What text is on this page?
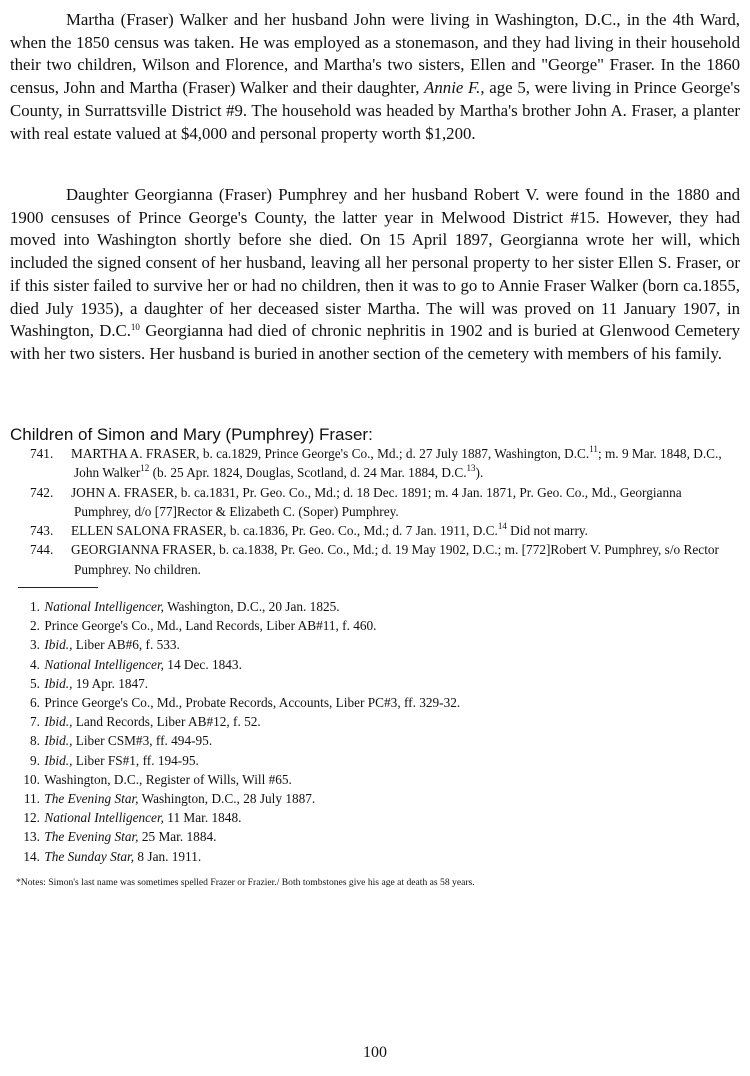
Martha (Fraser) Walker and her husband John were living in Washington, D.C., in the 4th Ward, when the 1850 census was taken. He was employed as a stonemason, and they had living in their household their two children, Wilson and Florence, and Martha's two sisters, Ellen and "George" Fraser. In the 1860 census, John and Martha (Fraser) Walker and their daughter, Annie F., age 5, were living in Prince George's County, in Surrattsville District #9. The household was headed by Martha's brother John A. Fraser, a planter with real estate valued at $4,000 and personal property worth $1,200.

Daughter Georgianna (Fraser) Pumphrey and her husband Robert V. were found in the 1880 and 1900 censuses of Prince George's County, the latter year in Melwood District #15. However, they had moved into Washington shortly before she died. On 15 April 1897, Georgianna wrote her will, which included the signed consent of her husband, leaving all her personal property to her sister Ellen S. Fraser, or if this sister failed to survive her or had no children, then it was to go to Annie Fraser Walker (born ca.1855, died July 1935), a daughter of her deceased sister Martha. The will was proved on 11 January 1907, in Washington, D.C.$^{10}$ Georgianna had died of chronic nephritis in 1902 and is buried at Glenwood Cemetery with her two sisters. Her husband is buried in another section of the cemetery with members of his family.

Children of Simon and Mary (Pumphrey) Fraser:

741. MARTHA A. FRASER, b. ca.1829, Prince George's Co., Md.; d. 27 July 1887, Washington, D.C.$^{11}$; m. 9 Mar. 1848, D.C., John Walker$^{12}$ (b. 25 Apr. 1824, Douglas, Scotland, d. 24 Mar. 1884, D.C.$^{13}$).
742. JOHN A. FRASER, b. ca.1831, Pr. Geo. Co., Md.; d. 18 Dec. 1891; m. 4 Jan. 1871, Pr. Geo. Co., Md., Georgianna Pumphrey, d/o [77]Rector & Elizabeth C. (Soper) Pumphrey.
743. ELLEN SALONA FRASER, b. ca.1836, Pr. Geo. Co., Md.; d. 7 Jan. 1911, D.C.$^{14}$ Did not marry.
744. GEORGIANNA FRASER, b. ca.1838, Pr. Geo. Co., Md.; d. 19 May 1902, D.C.; m. [772]Robert V. Pumphrey, s/o Rector Pumphrey. No children.
1. National Intelligencer, Washington, D.C., 20 Jan. 1825.
2. Prince George's Co., Md., Land Records, Liber AB#11, f. 460.
3. Ibid., Liber AB#6, f. 533.
4. National Intelligencer, 14 Dec. 1843.
5. Ibid., 19 Apr. 1847.
6. Prince George's Co., Md., Probate Records, Accounts, Liber PC#3, ff. 329-32.
7. Ibid., Land Records, Liber AB#12, f. 52.
8. Ibid., Liber CSM#3, ff. 494-95.
9. Ibid., Liber FS#1, ff. 194-95.
10. Washington, D.C., Register of Wills, Will #65.
11. The Evening Star, Washington, D.C., 28 July 1887.
12. National Intelligencer, 11 Mar. 1848.
13. The Evening Star, 25 Mar. 1884.
14. The Sunday Star, 8 Jan. 1911.

*Notes: Simon's last name was sometimes spelled Frazer or Frazier./ Both tombstones give his age at death as 58 years.

100
